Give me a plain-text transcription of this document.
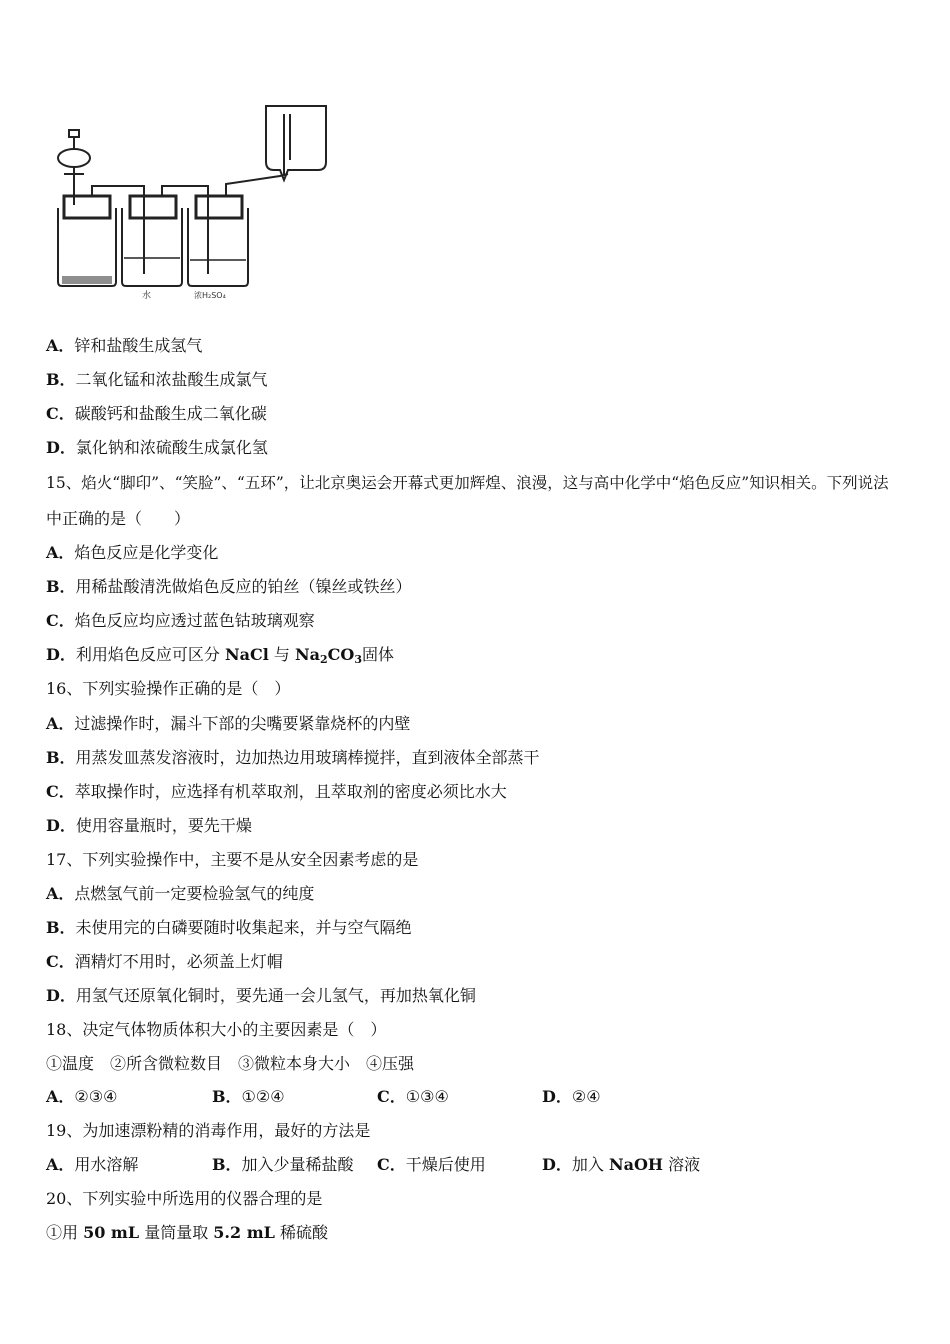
水	浓H₂SO₄
A．锌和盐酸生成氢气
B．二氧化锰和浓盐酸生成氯气
C．碳酸钙和盐酸生成二氧化碳
D．氯化钠和浓硫酸生成氯化氢
15、焰火“脚印”、“笑脸”、“五环”，让北京奥运会开幕式更加辉煌、浪漫，这与高中化学中“焰色反应”知识相关。下列说法
中正确的是（　　）
A．焰色反应是化学变化
B．用稀盐酸清洗做焰色反应的铂丝（镍丝或铁丝）
C．焰色反应均应透过蓝色钴玻璃观察
D．利用焰色反应可区分 NaCl 与 $Na_2CO_3$固体
16、下列实验操作正确的是（　）
A．过滤操作时，漏斗下部的尖嘴要紧靠烧杯的内壁
B．用蒸发皿蒸发溶液时，边加热边用玻璃棒搅拌，直到液体全部蒸干
C．萃取操作时，应选择有机萃取剂，且萃取剂的密度必须比水大
D．使用容量瓶时，要先干燥
17、下列实验操作中，主要不是从安全因素考虑的是
A．点燃氢气前一定要检验氢气的纯度
B．未使用完的白磷要随时收集起来，并与空气隔绝
C．酒精灯不用时，必须盖上灯帽
D．用氢气还原氧化铜时，要先通一会儿氢气，再加热氧化铜
18、决定气体物质体积大小的主要因素是（　）
①温度　②所含微粒数目　③微粒本身大小　④压强
A．②③④	B．①②④	C．①③④	D．②④
19、为加速漂粉精的消毒作用，最好的方法是
A．用水溶解	B．加入少量稀盐酸 C．干燥后使用	D．加入 NaOH 溶液
20、下列实验中所选用的仪器合理的是
①用 50 mL 量筒量取 5.2 mL 稀硫酸
